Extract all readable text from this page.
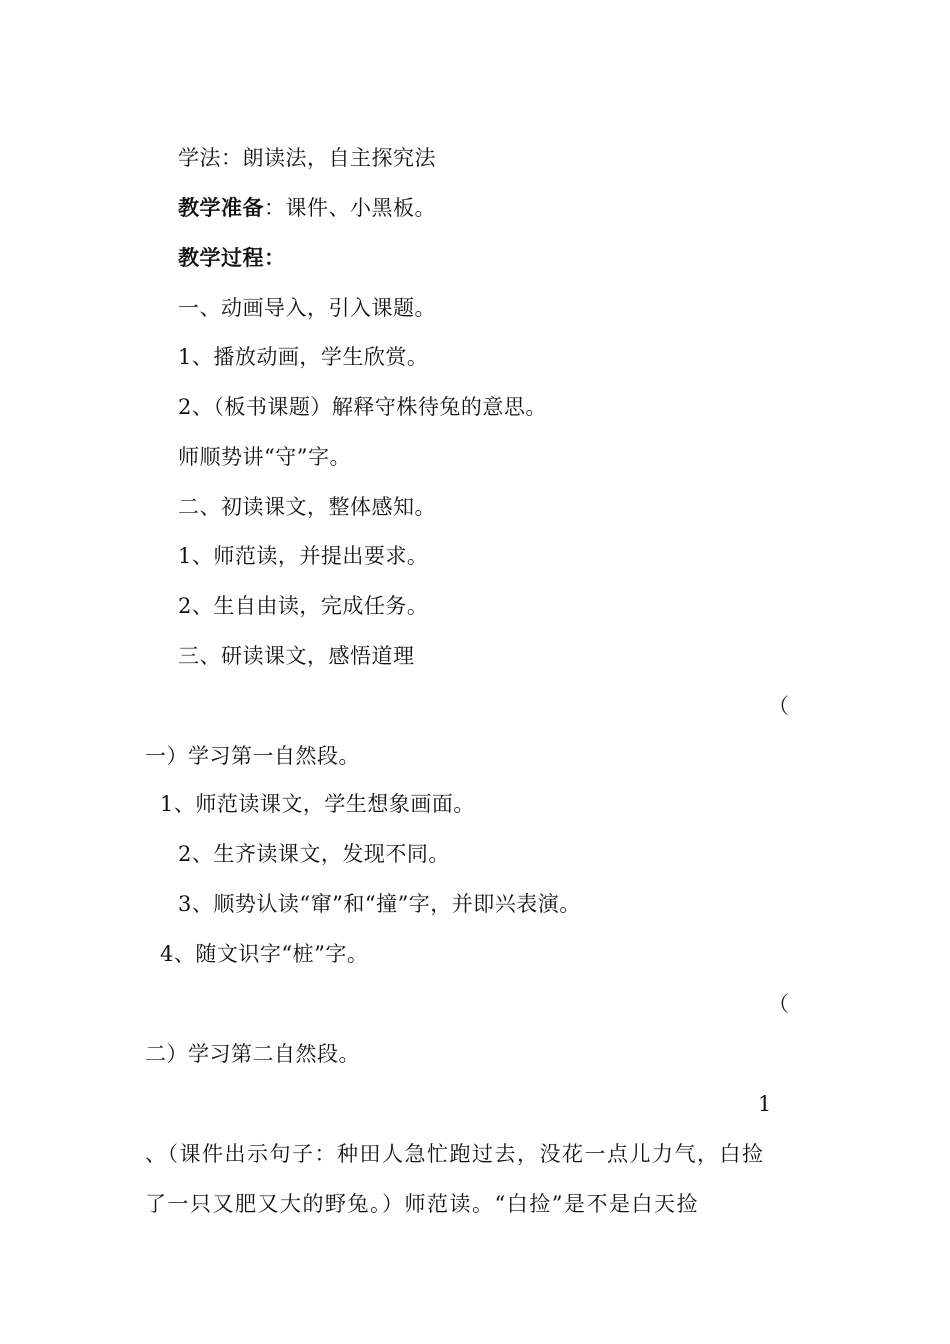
学法：朗读法，自主探究法
教学准备：课件、小黑板。
教学过程：
一、动画导入，引入课题。
1、播放动画，学生欣赏。
2、（板书课题）解释守株待兔的意思。
师顺势讲“守”字。
二、初读课文，整体感知。
1、师范读，并提出要求。
2、生自由读，完成任务。
三、研读课文，感悟道理
（
一）学习第一自然段。
1、师范读课文，学生想象画面。
2、生齐读课文，发现不同。
3、顺势认读“窜”和“撞”字，并即兴表演。
4、随文识字“桩”字。
（
二）学习第二自然段。
1
、（课件出示句子：种田人急忙跑过去，没花一点儿力气，白捡了一只又肥又大的野兔。）师范读。“白捡”是不是白天捡
